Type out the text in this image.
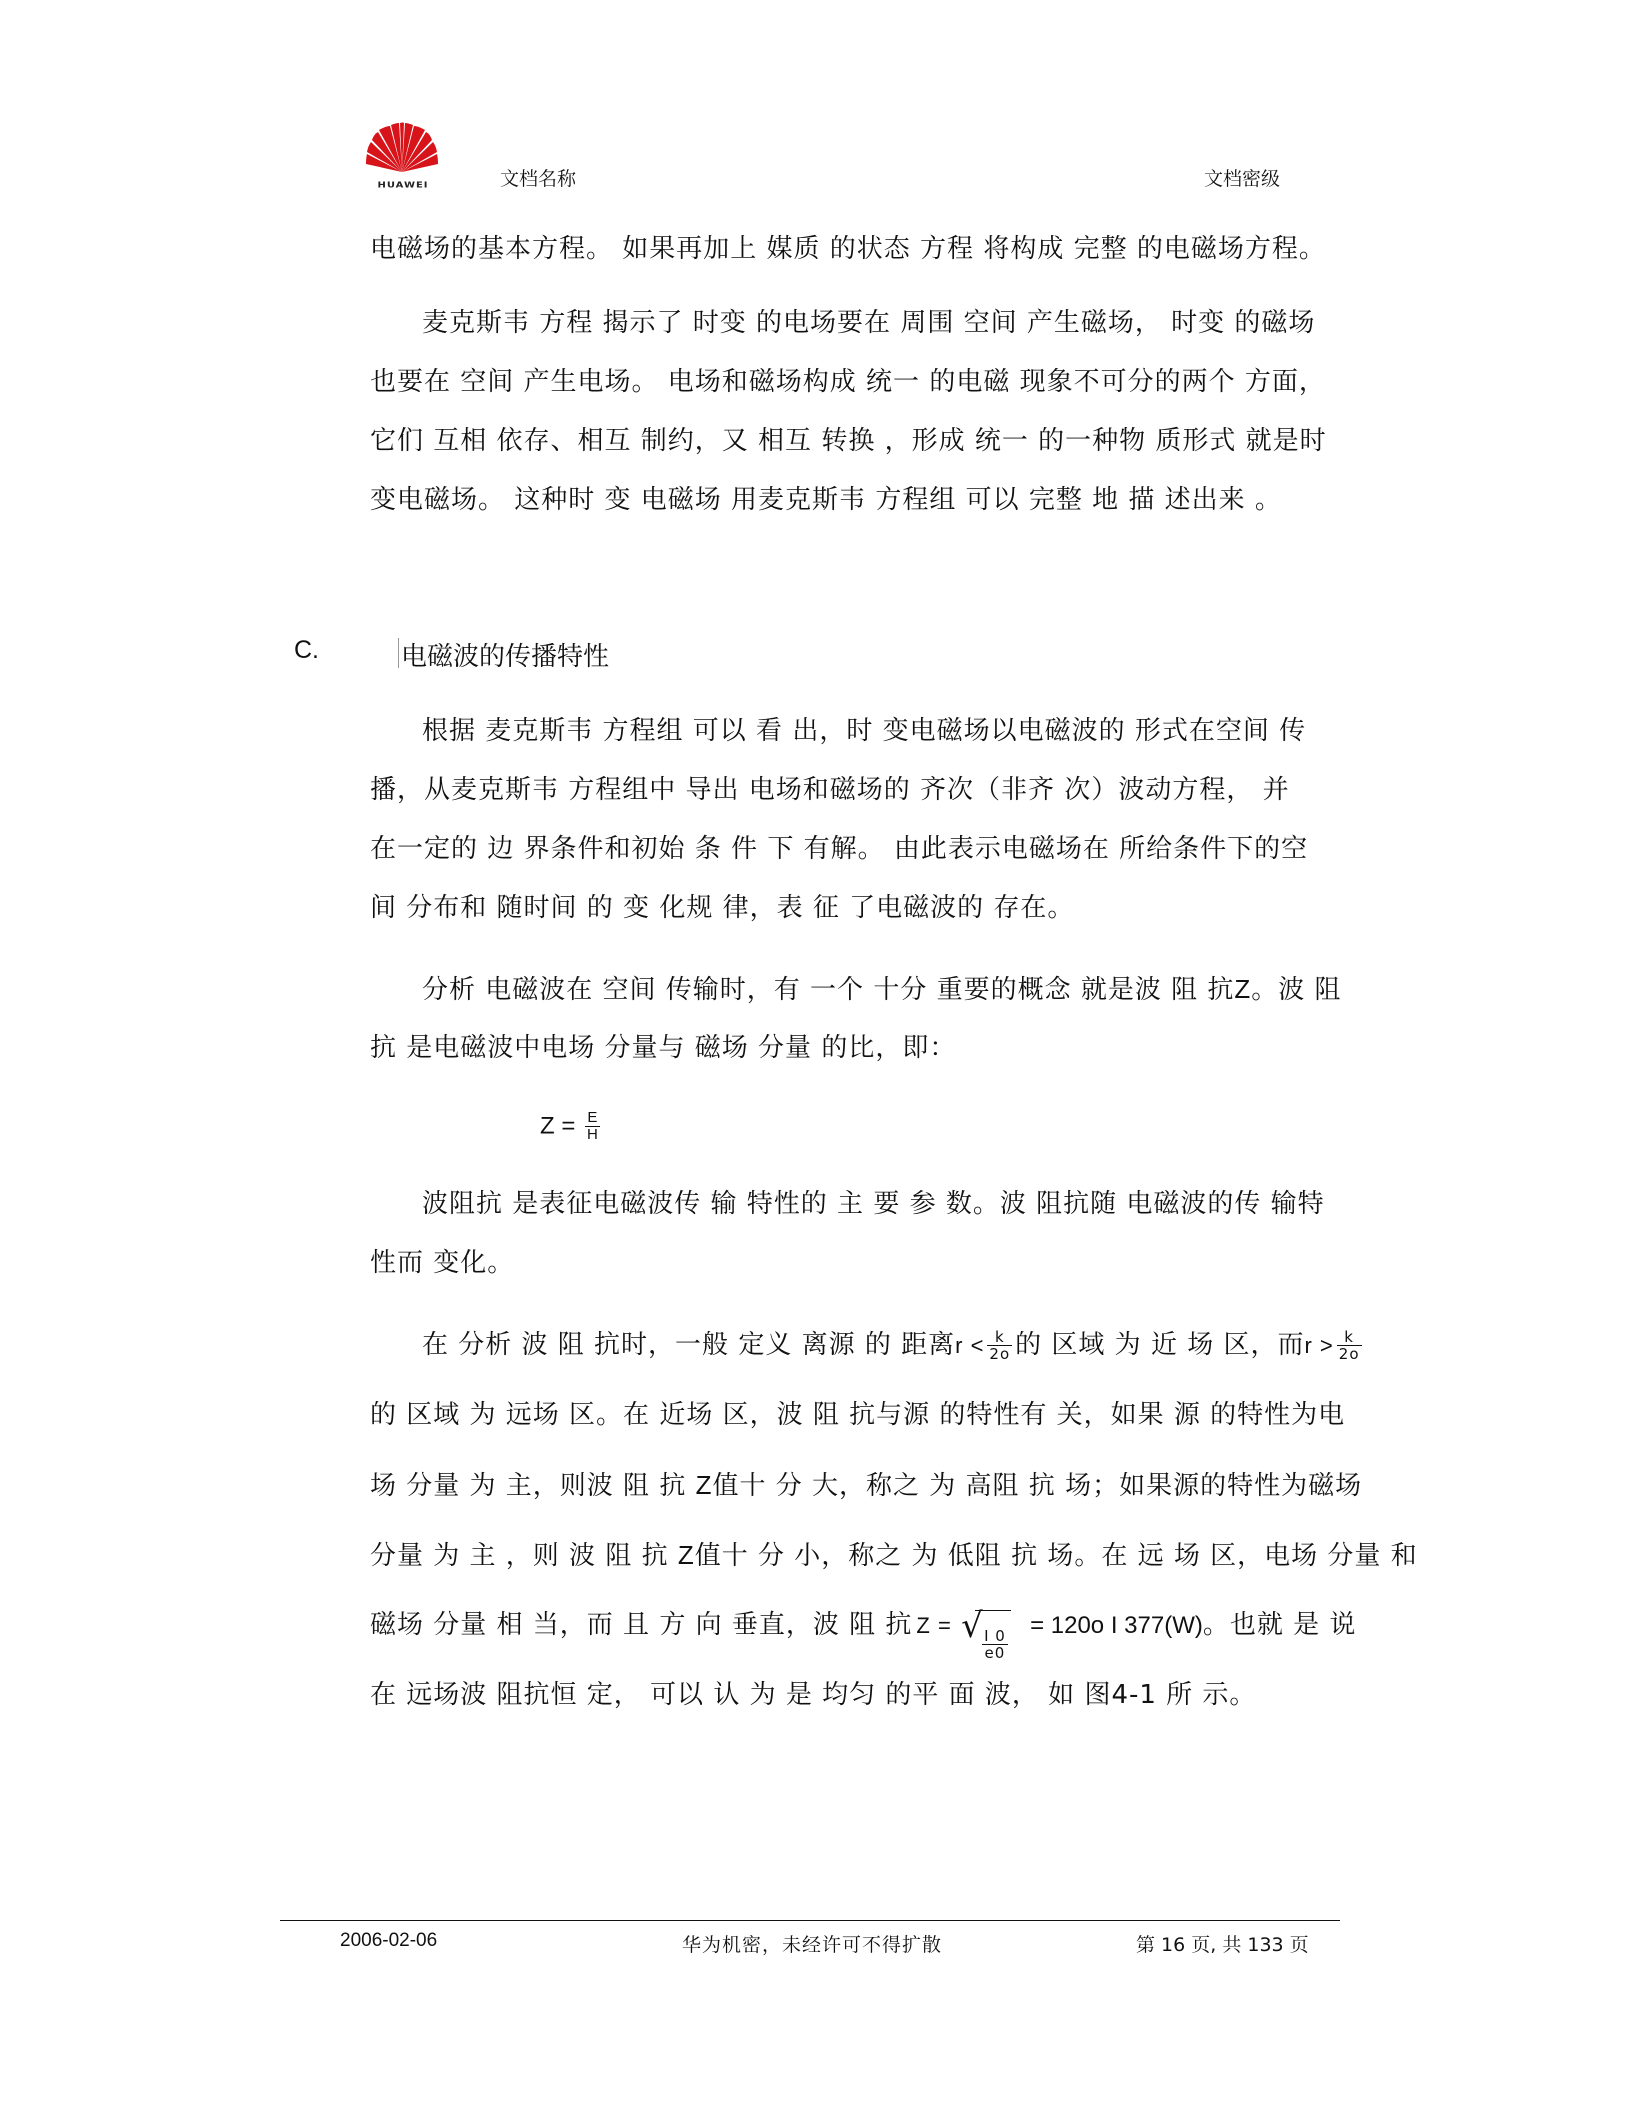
HUAWEI	文档名称	文档密级
电磁场的基本方程。 如果再加上 媒质 的状态 方程 将构成 完整 的电磁场方程。
麦克斯韦 方程 揭示了 时变 的电场要在 周围 空间 产生磁场， 时变 的磁场
也要在 空间 产生电场。 电场和磁场构成 统一 的电磁 现象不可分的两个 方面，
它们 互相 依存、相互 制约，又 相互 转换 ，形成 统一 的一种物 质形式 就是时
变电磁场。 这种时 变 电磁场 用麦克斯韦 方程组 可以 完整 地 描 述出来 。
C.	电磁波的传播特性
根据 麦克斯韦 方程组 可以 看 出，时 变电磁场以电磁波的 形式在空间 传
播，从麦克斯韦 方程组中 导出 电场和磁场的 齐次（非齐 次）波动方程， 并
在一定的 边 界条件和初始 条 件 下 有解。 由此表示电磁场在 所给条件下的空
间 分布和 随时间 的 变 化规 律，表 征 了电磁波的 存在。
分析 电磁波在 空间 传输时，有 一个 十分 重要的概念 就是波 阻 抗Z。波 阻
抗 是电磁波中电场 分量与 磁场 分量 的比，即：
$Z = \frac{E}{H}$
波阻抗 是表征电磁波传 输 特性的 主 要 参 数。波 阻抗随 电磁波的传 输特
性而 变化。
在 分析 波 阻 抗时，一般 定义 离源 的 距离$r < \frac{k}{2o}$ 的 区域 为 近 场 区，而$r > \frac{k}{2o}$
的 区域 为 远场 区。在 近场 区，波 阻 抗与源 的特性有 关，如果 源 的特性为电
场 分量 为 主，则波 阻 抗 Z值十 分 大，称之 为 高阻 抗 场；如果源的特性为磁场
分量 为 主 ，则 波 阻 抗 Z值十 分 小，称之 为 低阻 抗 场。在 远 场 区，电场 分量 和
磁场 分量 相 当，而 且 方 向 垂直，波 阻 抗 Z = √
$\frac{I 0}{e0}$
= 120o I 377(W)。也就 是 说
在 远场波 阻抗恒 定， 可以 认 为 是 均匀 的平 面 波， 如 图4-1 所 示。
2006-02-06	华为机密，未经许可不得扩散	第 16 页, 共 133 页
